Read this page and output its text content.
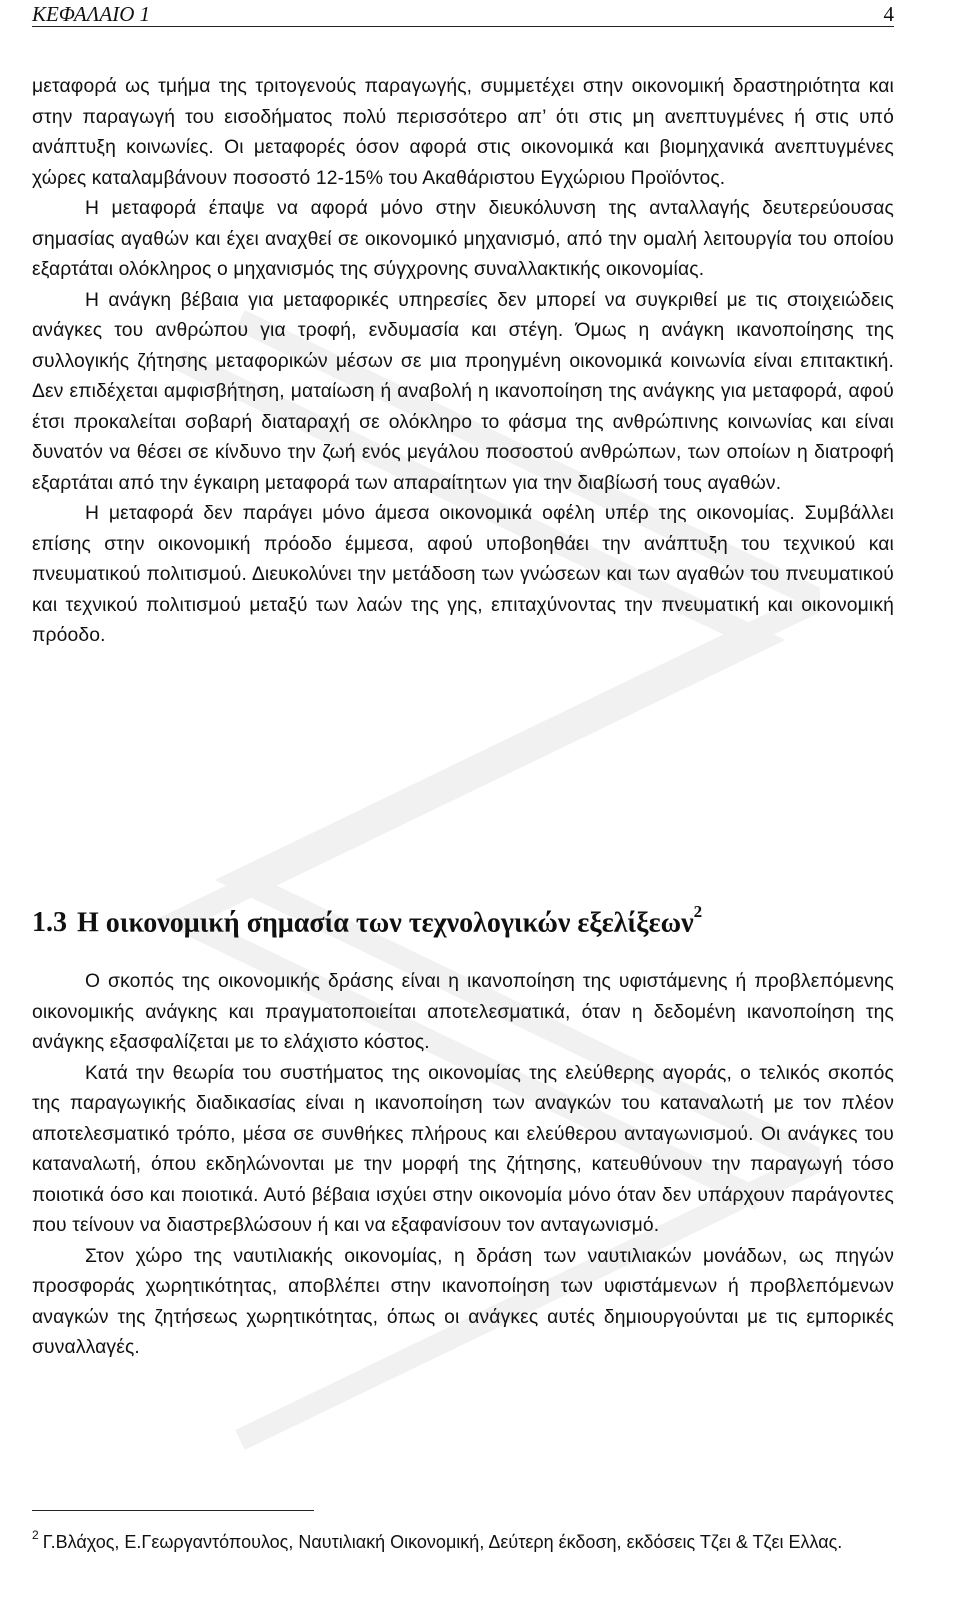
ΚΕΦΑΛΑΙΟ 1	4

μεταφορά ως τμήμα της τριτογενούς παραγωγής, συμμετέχει στην οικονομική δραστηριότητα και στην παραγωγή του εισοδήματος πολύ περισσότερο απ’ ότι στις μη ανεπτυγμένες ή στις υπό ανάπτυξη κοινωνίες. Οι μεταφορές όσον αφορά στις οικονομικά και βιομηχανικά ανεπτυγμένες χώρες καταλαμβάνουν ποσοστό 12-15% του Ακαθάριστου Εγχώριου Προϊόντος.

Η μεταφορά έπαψε να αφορά μόνο στην διευκόλυνση της ανταλλαγής δευτερεύουσας σημασίας αγαθών και έχει αναχθεί σε οικονομικό μηχανισμό, από την ομαλή λειτουργία του οποίου εξαρτάται ολόκληρος ο μηχανισμός της σύγχρονης συναλλακτικής οικονομίας.

Η ανάγκη βέβαια για μεταφορικές υπηρεσίες δεν μπορεί να συγκριθεί με τις στοιχειώδεις ανάγκες του ανθρώπου για τροφή, ενδυμασία και στέγη. Όμως η ανάγκη ικανοποίησης της συλλογικής ζήτησης μεταφορικών μέσων σε μια προηγμένη οικονομικά κοινωνία είναι επιτακτική. Δεν επιδέχεται αμφισβήτηση, ματαίωση ή αναβολή η ικανοποίηση της ανάγκης για μεταφορά, αφού έτσι προκαλείται σοβαρή διαταραχή σε ολόκληρο το φάσμα της ανθρώπινης κοινωνίας και είναι δυνατόν να θέσει σε κίνδυνο την ζωή ενός μεγάλου ποσοστού ανθρώπων, των οποίων η διατροφή εξαρτάται από την έγκαιρη μεταφορά των απαραίτητων για την διαβίωσή τους αγαθών.

Η μεταφορά δεν παράγει μόνο άμεσα οικονομικά οφέλη υπέρ της οικονομίας. Συμβάλλει επίσης στην οικονομική πρόοδο έμμεσα, αφού υποβοηθάει την ανάπτυξη του τεχνικού και πνευματικού πολιτισμού. Διευκολύνει την μετάδοση των γνώσεων και των αγαθών του πνευματικού και τεχνικού πολιτισμού μεταξύ των λαών της γης, επιταχύνοντας την πνευματική και οικονομική πρόοδο.

1.3 Η οικονομική σημασία των τεχνολογικών εξελίξεων$^2$

Ο σκοπός της οικονομικής δράσης είναι η ικανοποίηση της υφιστάμενης ή προβλεπόμενης οικονομικής ανάγκης και πραγματοποιείται αποτελεσματικά, όταν η δεδομένη ικανοποίηση της ανάγκης εξασφαλίζεται με το ελάχιστο κόστος.

Κατά την θεωρία του συστήματος της οικονομίας της ελεύθερης αγοράς, ο τελικός σκοπός της παραγωγικής διαδικασίας είναι η ικανοποίηση των αναγκών του καταναλωτή με τον πλέον αποτελεσματικό τρόπο, μέσα σε συνθήκες πλήρους και ελεύθερου ανταγωνισμού. Οι ανάγκες του καταναλωτή, όπου εκδηλώνονται με την μορφή της ζήτησης, κατευθύνουν την παραγωγή τόσο ποιοτικά όσο και ποιοτικά. Αυτό βέβαια ισχύει στην οικονομία μόνο όταν δεν υπάρχουν παράγοντες που τείνουν να διαστρεβλώσουν ή και να εξαφανίσουν τον ανταγωνισμό.

Στον χώρο της ναυτιλιακής οικονομίας, η δράση των ναυτιλιακών μονάδων, ως πηγών προσφοράς χωρητικότητας, αποβλέπει στην ικανοποίηση των υφιστάμενων ή προβλεπόμενων αναγκών της ζητήσεως χωρητικότητας, όπως οι ανάγκες αυτές δημιουργούνται με τις εμπορικές συναλλαγές.

$^2$ Γ.Βλάχος, Ε.Γεωργαντόπουλος, Ναυτιλιακή Οικονομική, Δεύτερη έκδοση, εκδόσεις Τζει & Τζει Ελλας.
